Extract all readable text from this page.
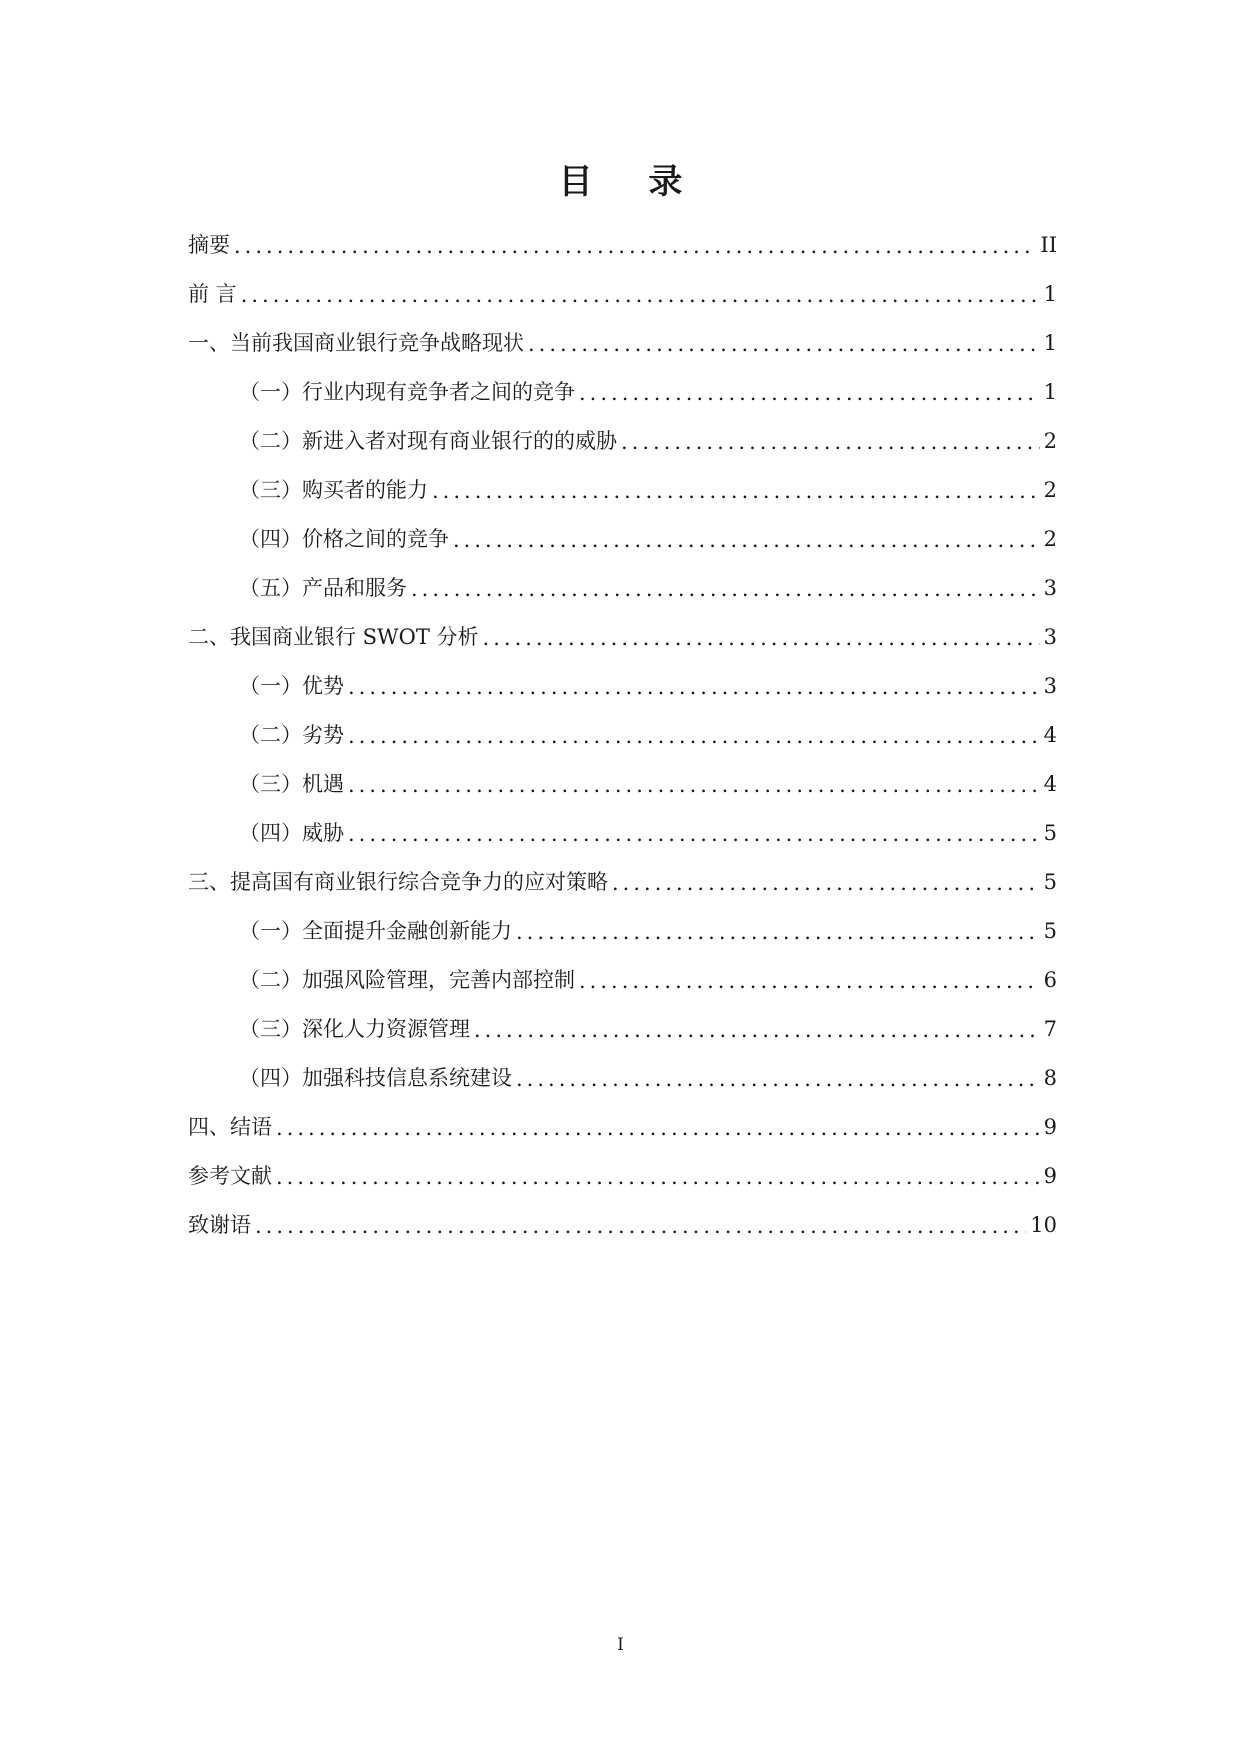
目 录
摘要 .....	II
前 言 .....	1
一、当前我国商业银行竞争战略现状 .....	1
（一）行业内现有竞争者之间的竞争 .....	1
（二）新进入者对现有商业银行的的威胁 .....	2
（三）购买者的能力 .....	2
（四）价格之间的竞争 .....	2
（五）产品和服务 .....	3
二、我国商业银行 SWOT 分析 .....	3
（一）优势 .....	3
（二）劣势 .....	4
（三）机遇 .....	4
（四）威胁 .....	5
三、提高国有商业银行综合竞争力的应对策略 .....	5
（一）全面提升金融创新能力 .....	5
（二）加强风险管理，完善内部控制 .....	6
（三）深化人力资源管理 .....	7
（四）加强科技信息系统建设 .....	8
四、结语 .....	9
参考文献 .....	9
致谢语 .....	10
I
